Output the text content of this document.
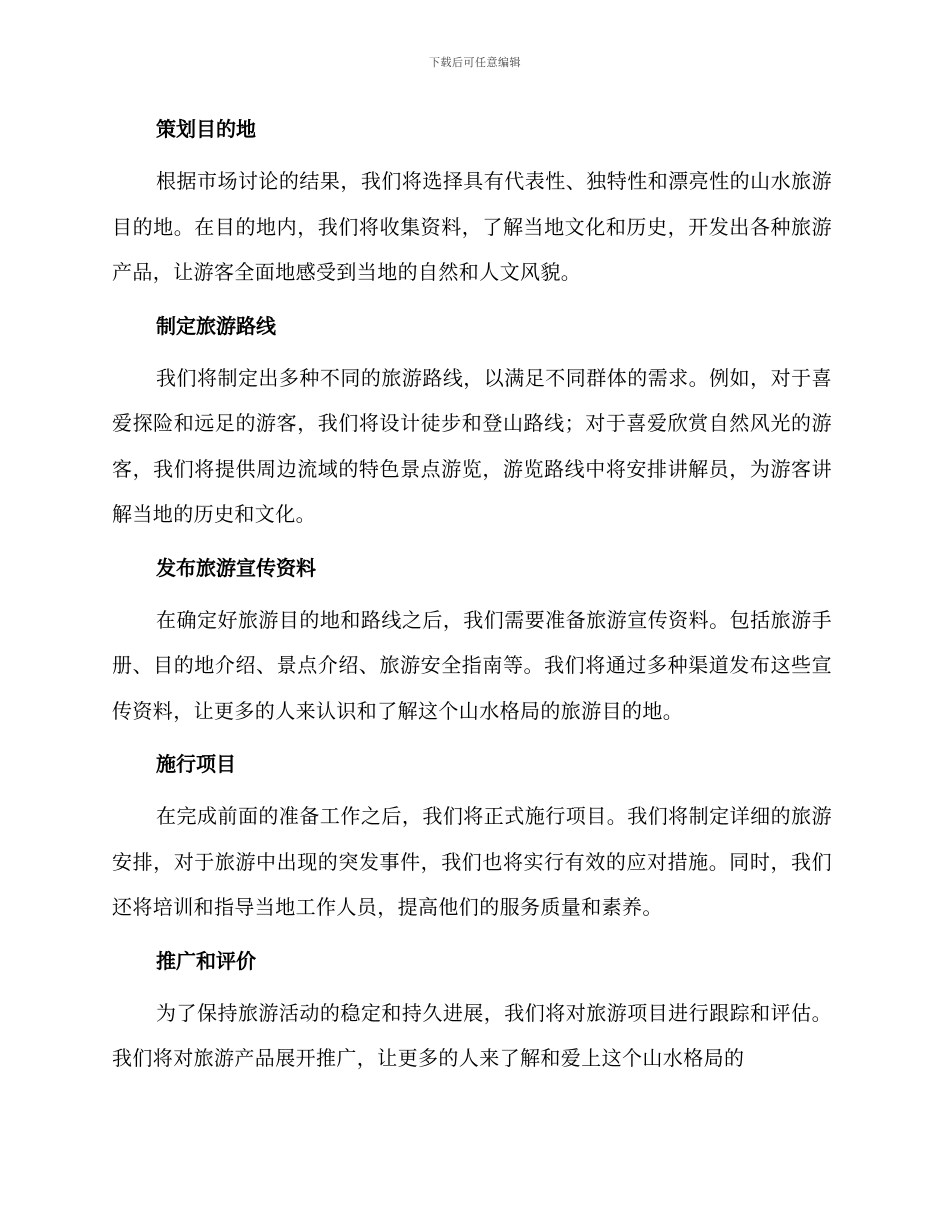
下载后可任意编辑
策划目的地

根据市场讨论的结果，我们将选择具有代表性、独特性和漂亮性的山水旅游目的地。在目的地内，我们将收集资料，了解当地文化和历史，开发出各种旅游产品，让游客全面地感受到当地的自然和人文风貌。

制定旅游路线

我们将制定出多种不同的旅游路线，以满足不同群体的需求。例如，对于喜爱探险和远足的游客，我们将设计徒步和登山路线；对于喜爱欣赏自然风光的游客，我们将提供周边流域的特色景点游览，游览路线中将安排讲解员，为游客讲解当地的历史和文化。

发布旅游宣传资料

在确定好旅游目的地和路线之后，我们需要准备旅游宣传资料。包括旅游手册、目的地介绍、景点介绍、旅游安全指南等。我们将通过多种渠道发布这些宣传资料，让更多的人来认识和了解这个山水格局的旅游目的地。

施行项目

在完成前面的准备工作之后，我们将正式施行项目。我们将制定详细的旅游安排，对于旅游中出现的突发事件，我们也将实行有效的应对措施。同时，我们还将培训和指导当地工作人员，提高他们的服务质量和素养。

推广和评价

为了保持旅游活动的稳定和持久进展，我们将对旅游项目进行跟踪和评估。我们将对旅游产品展开推广，让更多的人来了解和爱上这个山水格局的
